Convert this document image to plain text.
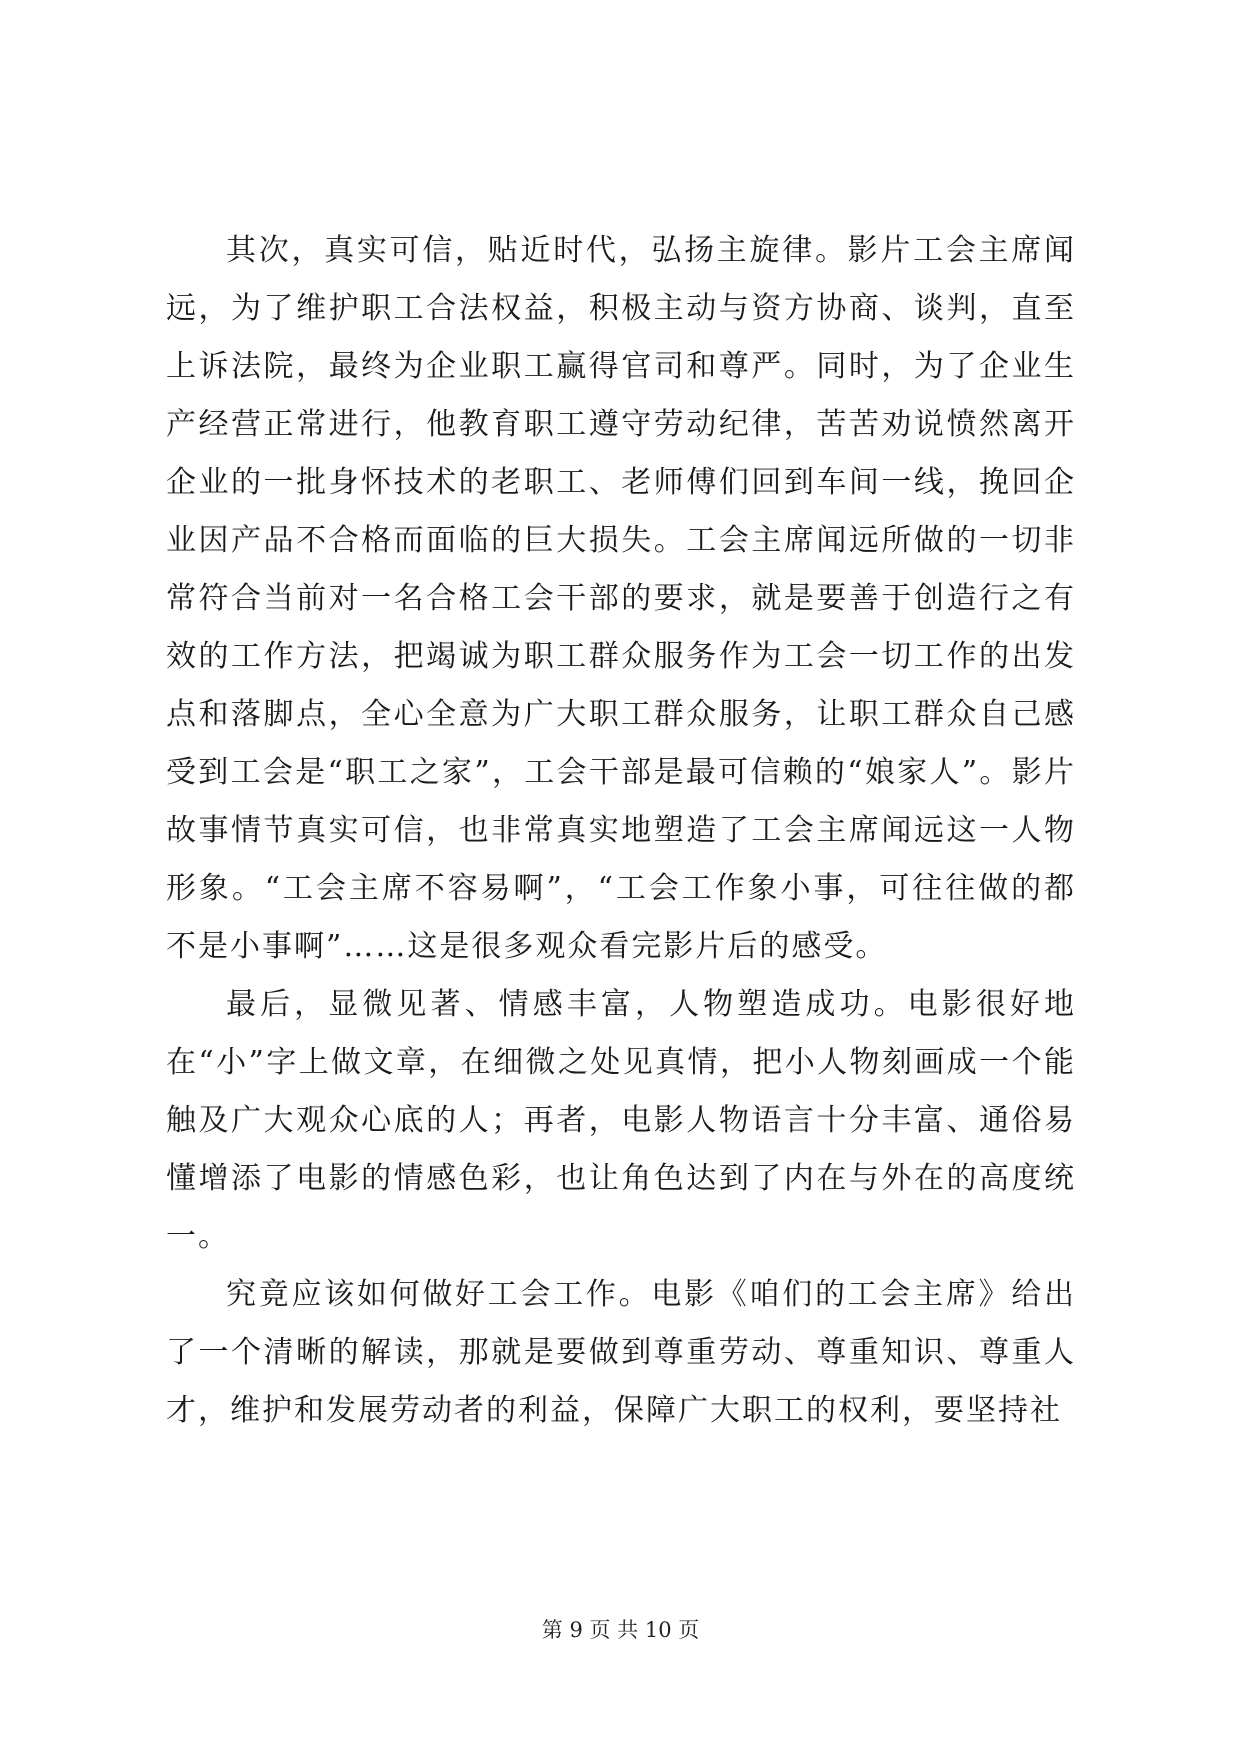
其次，真实可信，贴近时代，弘扬主旋律。影片工会主席闻远，为了维护职工合法权益，积极主动与资方协商、谈判，直至上诉法院，最终为企业职工赢得官司和尊严。同时，为了企业生产经营正常进行，他教育职工遵守劳动纪律，苦苦劝说愤然离开企业的一批身怀技术的老职工、老师傅们回到车间一线，挽回企业因产品不合格而面临的巨大损失。工会主席闻远所做的一切非常符合当前对一名合格工会干部的要求，就是要善于创造行之有效的工作方法，把竭诚为职工群众服务作为工会一切工作的出发点和落脚点，全心全意为广大职工群众服务，让职工群众自己感受到工会是“职工之家”，工会干部是最可信赖的“娘家人”。影片故事情节真实可信，也非常真实地塑造了工会主席闻远这一人物形象。“工会主席不容易啊”，“工会工作象小事，可往往做的都不是小事啊”……这是很多观众看完影片后的感受。

最后，显微见著、情感丰富，人物塑造成功。电影很好地在“小”字上做文章，在细微之处见真情，把小人物刻画成一个能触及广大观众心底的人；再者，电影人物语言十分丰富、通俗易懂增添了电影的情感色彩，也让角色达到了内在与外在的高度统一。

究竟应该如何做好工会工作。电影《咱们的工会主席》给出了一个清晰的解读，那就是要做到尊重劳动、尊重知识、尊重人才，维护和发展劳动者的利益，保障广大职工的权利，要坚持社

第 9 页 共 10 页
